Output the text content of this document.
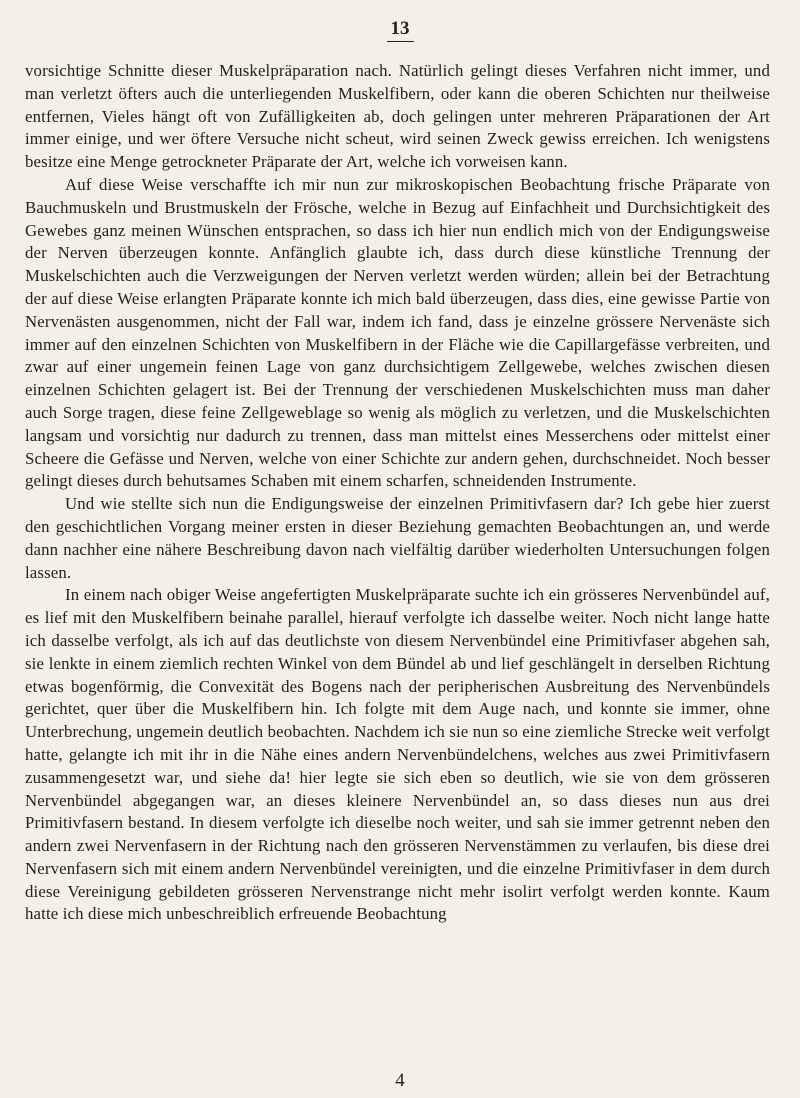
13

vorsichtige Schnitte dieser Muskelpräparation nach. Natürlich gelingt dieses Verfahren nicht immer, und man verletzt öfters auch die unterliegenden Muskelfibern, oder kann die oberen Schichten nur theilweise entfernen, Vieles hängt oft von Zufälligkeiten ab, doch gelingen unter mehreren Präparationen der Art immer einige, und wer öftere Versuche nicht scheut, wird seinen Zweck gewiss erreichen. Ich wenigstens besitze eine Menge getrockneter Präparate der Art, welche ich vorweisen kann.

Auf diese Weise verschaffte ich mir nun zur mikroskopischen Beobachtung frische Präparate von Bauchmuskeln und Brustmuskeln der Frösche, welche in Bezug auf Einfachheit und Durchsichtigkeit des Gewebes ganz meinen Wünschen entsprachen, so dass ich hier nun endlich mich von der Endigungsweise der Nerven überzeugen konnte. Anfänglich glaubte ich, dass durch diese künstliche Trennung der Muskelschichten auch die Verzweigungen der Nerven verletzt werden würden; allein bei der Betrachtung der auf diese Weise erlangten Präparate konnte ich mich bald überzeugen, dass dies, eine gewisse Partie von Nervenästen ausgenommen, nicht der Fall war, indem ich fand, dass je einzelne grössere Nervenäste sich immer auf den einzelnen Schichten von Muskelfibern in der Fläche wie die Capillargefässe verbreiten, und zwar auf einer ungemein feinen Lage von ganz durchsichtigem Zellgewebe, welches zwischen diesen einzelnen Schichten gelagert ist. Bei der Trennung der verschiedenen Muskelschichten muss man daher auch Sorge tragen, diese feine Zellgeweblage so wenig als möglich zu verletzen, und die Muskelschichten langsam und vorsichtig nur dadurch zu trennen, dass man mittelst eines Messerchens oder mittelst einer Scheere die Gefässe und Nerven, welche von einer Schichte zur andern gehen, durchschneidet. Noch besser gelingt dieses durch behutsames Schaben mit einem scharfen, schneidenden Instrumente.

Und wie stellte sich nun die Endigungsweise der einzelnen Primitivfasern dar? Ich gebe hier zuerst den geschichtlichen Vorgang meiner ersten in dieser Beziehung gemachten Beobachtungen an, und werde dann nachher eine nähere Beschreibung davon nach vielfältig darüber wiederholten Untersuchungen folgen lassen.

In einem nach obiger Weise angefertigten Muskelpräparate suchte ich ein grösseres Nervenbündel auf, es lief mit den Muskelfibern beinahe parallel, hierauf verfolgte ich dasselbe weiter. Noch nicht lange hatte ich dasselbe verfolgt, als ich auf das deutlichste von diesem Nervenbündel eine Primitivfaser abgehen sah, sie lenkte in einem ziemlich rechten Winkel von dem Bündel ab und lief geschlängelt in derselben Richtung etwas bogenförmig, die Convexität des Bogens nach der peripherischen Ausbreitung des Nervenbündels gerichtet, quer über die Muskelfibern hin. Ich folgte mit dem Auge nach, und konnte sie immer, ohne Unterbrechung, ungemein deutlich beobachten. Nachdem ich sie nun so eine ziemliche Strecke weit verfolgt hatte, gelangte ich mit ihr in die Nähe eines andern Nervenbündelchens, welches aus zwei Primitivfasern zusammengesetzt war, und siehe da! hier legte sie sich eben so deutlich, wie sie von dem grösseren Nervenbündel abgegangen war, an dieses kleinere Nervenbündel an, so dass dieses nun aus drei Primitivfasern bestand. In diesem verfolgte ich dieselbe noch weiter, und sah sie immer getrennt neben den andern zwei Nervenfasern in der Richtung nach den grösseren Nervenstämmen zu verlaufen, bis diese drei Nervenfasern sich mit einem andern Nervenbündel vereinigten, und die einzelne Primitivfaser in dem durch diese Vereinigung gebildeten grösseren Nervenstrange nicht mehr isolirt verfolgt werden konnte. Kaum hatte ich diese mich unbeschreiblich erfreuende Beobachtung

4
